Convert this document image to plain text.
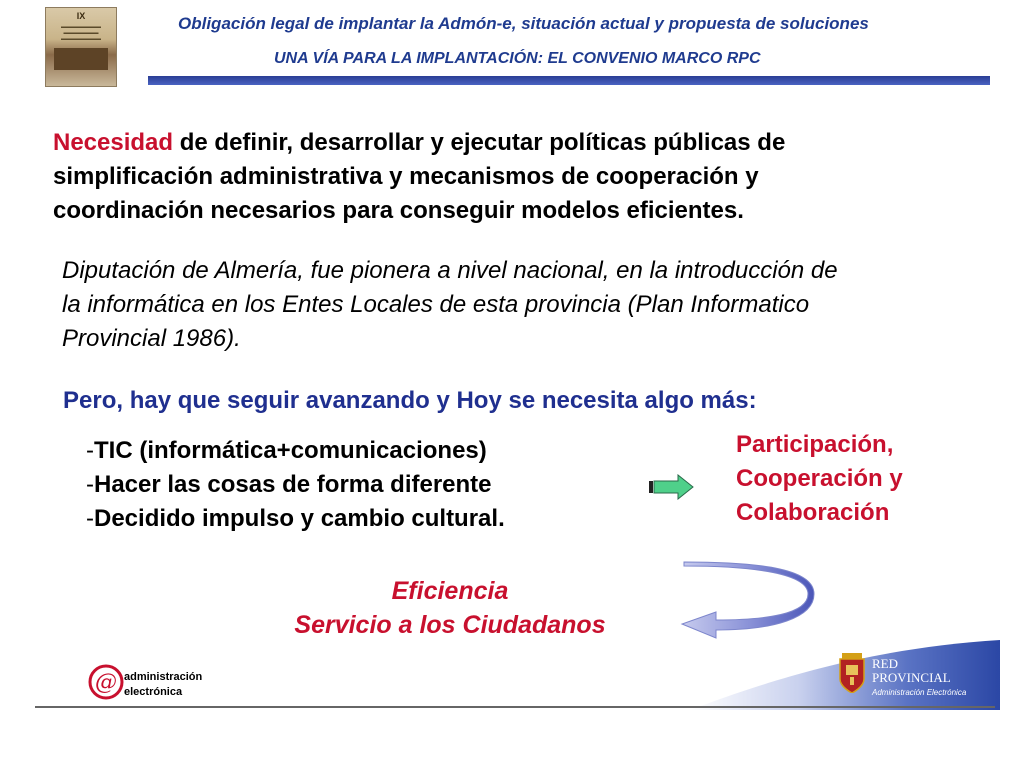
IX
▬▬▬▬▬▬▬▬
▬▬▬▬▬▬▬
▬▬▬▬▬▬▬▬
Obligación legal de implantar la Admón-e, situación actual y propuesta de soluciones
UNA VÍA PARA LA IMPLANTACIÓN: EL CONVENIO MARCO RPC
Necesidad de definir, desarrollar y ejecutar políticas públicas de
simplificación administrativa y mecanismos de cooperación y
coordinación necesarios para conseguir modelos eficientes.
Diputación de Almería, fue pionera a nivel nacional, en la introducción de
la informática en los Entes Locales de esta provincia (Plan Informatico
Provincial 1986).
Pero, hay que seguir avanzando y Hoy se necesita algo más:
-TIC (informática+comunicaciones)
-Hacer las cosas de forma diferente
-Decidido impulso y cambio cultural.
Participación,
Cooperación y
Colaboración
Eficiencia
Servicio a los Ciudadanos
@ administración
electrónica
RED
PROVINCIAL
Administración Electrónica
